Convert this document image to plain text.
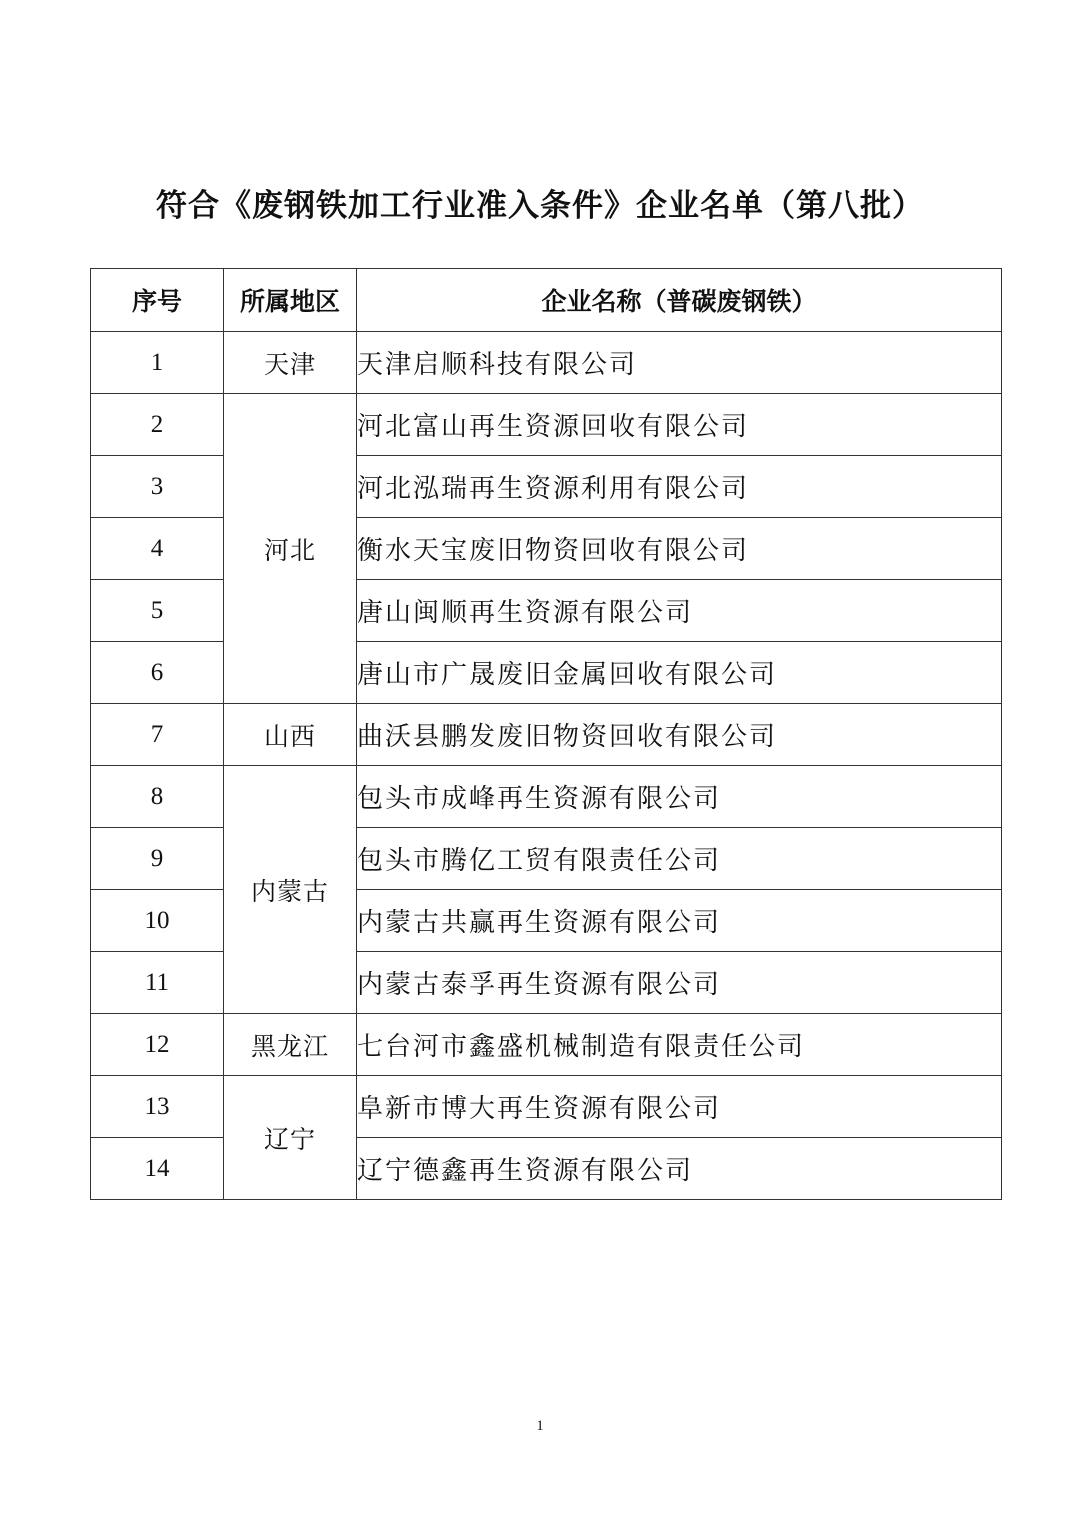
符合《废钢铁加工行业准入条件》企业名单（第八批）
序号	所属地区	企业名称（普碳废钢铁）
1	天津	天津启顺科技有限公司
2	河北	河北富山再生资源回收有限公司
3		河北泓瑞再生资源利用有限公司
4		衡水天宝废旧物资回收有限公司
5		唐山闽顺再生资源有限公司
6		唐山市广晟废旧金属回收有限公司
7	山西	曲沃县鹏发废旧物资回收有限公司
8	内蒙古	包头市成峰再生资源有限公司
9		包头市腾亿工贸有限责任公司
10		内蒙古共赢再生资源有限公司
11		内蒙古泰孚再生资源有限公司
12	黑龙江	七台河市鑫盛机械制造有限责任公司
13	辽宁	阜新市博大再生资源有限公司
14		辽宁德鑫再生资源有限公司
1
